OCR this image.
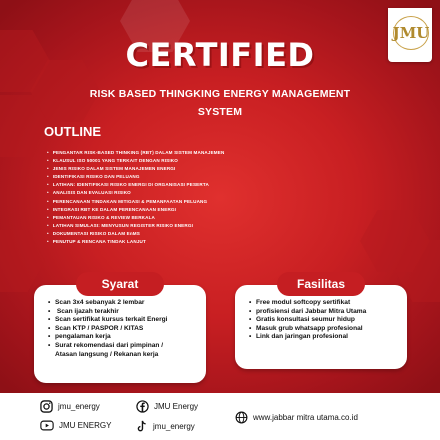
JMU
CERTIFIED
RISK BASED THINGKING ENERGY MANAGEMENT
SYSTEM
OUTLINE
• PENGANTAR RISK-BASED THINKING (RBT) DALAM SISTEM MANAJEMEN
• KLAUSUL ISO 50001 YANG TERKAIT DENGAN RISIKO
• JENIS RISIKO DALAM SISTEM MANAJEMEN ENERGI
• IDENTIFIKASI RISIKO DAN PELUANG
• LATIHAN: IDENTIFIKASI RISIKO ENERGI DI ORGANISASI PESERTA
• ANALISIS DAN EVALUASI RISIKO
• PERENCANAAN TINDAKAN MITIGASI & PEMANFAATAN PELUANG
• INTEGRASI RBT KE DALAM PERENCANAAN ENERGI
• PEMANTAUAN RISIKO & REVIEW BERKALA
• LATIHAN SIMULASI: MENYUSUN REGISTER RISIKO ENERGI
• DOKUMENTASI RISIKO DALAM EnMS
• PENUTUP & RENCANA TINDAK LANJUT
Syarat
• Scan 3x4 sebanyak 2 lembar
• Scan ijazah terakhir
• Scan sertifikat kursus terkait Energi
• Scan KTP / PASPOR / KITAS
• pengalaman kerja
• Surat rekomendasi dari pimpinan /
Atasan langsung / Rekanan kerja
Fasilitas
• Free modul softcopy sertifikat
• profisiensi dari Jabbar Mitra Utama
• Gratis konsultasi seumur hidup
• Masuk grub whatsapp profesional
• Link dan jaringan profesional
jmu_energy	JMU Energy
www.jabbar mitra utama.co.id
JMU ENERGY	jmu_energy
